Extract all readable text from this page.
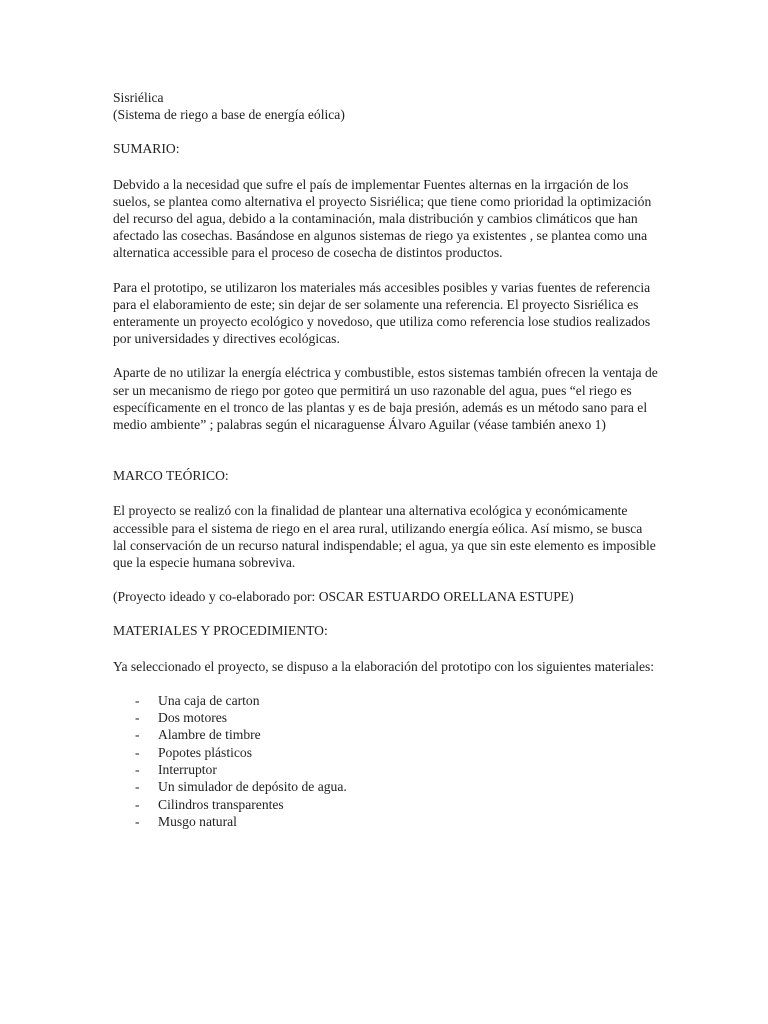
Sisriélica

(Sistema de riego a base de energía eólica)

SUMARIO:

Debvido a la necesidad que sufre el país de implementar Fuentes alternas en la irrgación de los suelos, se plantea como alternativa el proyecto Sisriélica; que tiene como prioridad la optimización del recurso del agua, debido a la contaminación, mala distribución y cambios climáticos que han afectado las cosechas. Basándose en algunos sistemas de riego ya existentes , se plantea como una alternatica accessible para el proceso de cosecha de distintos productos.

Para el prototipo, se utilizaron los materiales más accesibles posibles y varias fuentes de referencia para el elaboramiento de este; sin dejar de ser solamente una referencia. El proyecto Sisriélica es enteramente un proyecto ecológico y novedoso, que utiliza como referencia lose studios realizados por universidades y directives ecológicas.

Aparte de no utilizar la energía eléctrica y combustible, estos sistemas también ofrecen la ventaja de ser un mecanismo de riego por goteo que permitirá un uso razonable del agua, pues “el riego es específicamente en el tronco de las plantas y es de baja presión, además es un método sano para el medio ambiente” ; palabras según el nicaraguense Álvaro Aguilar (véase también anexo 1)

MARCO TEÓRICO:

El proyecto se realizó con la finalidad de plantear una alternativa ecológica y económicamente accessible para el sistema de riego en el area rural, utilizando energía eólica. Así mismo, se busca lal conservación de un recurso natural indispendable; el agua, ya que sin este elemento es imposible que la especie humana sobreviva.

(Proyecto ideado y co-elaborado por: OSCAR ESTUARDO ORELLANA ESTUPE)

MATERIALES Y PROCEDIMIENTO:

Ya seleccionado el proyecto, se dispuso a la elaboración del prototipo con los siguientes materiales:

- Una caja de carton
- Dos motores
- Alambre de timbre
- Popotes plásticos
- Interruptor
- Un simulador de depósito de agua.
- Cilindros transparentes
- Musgo natural
